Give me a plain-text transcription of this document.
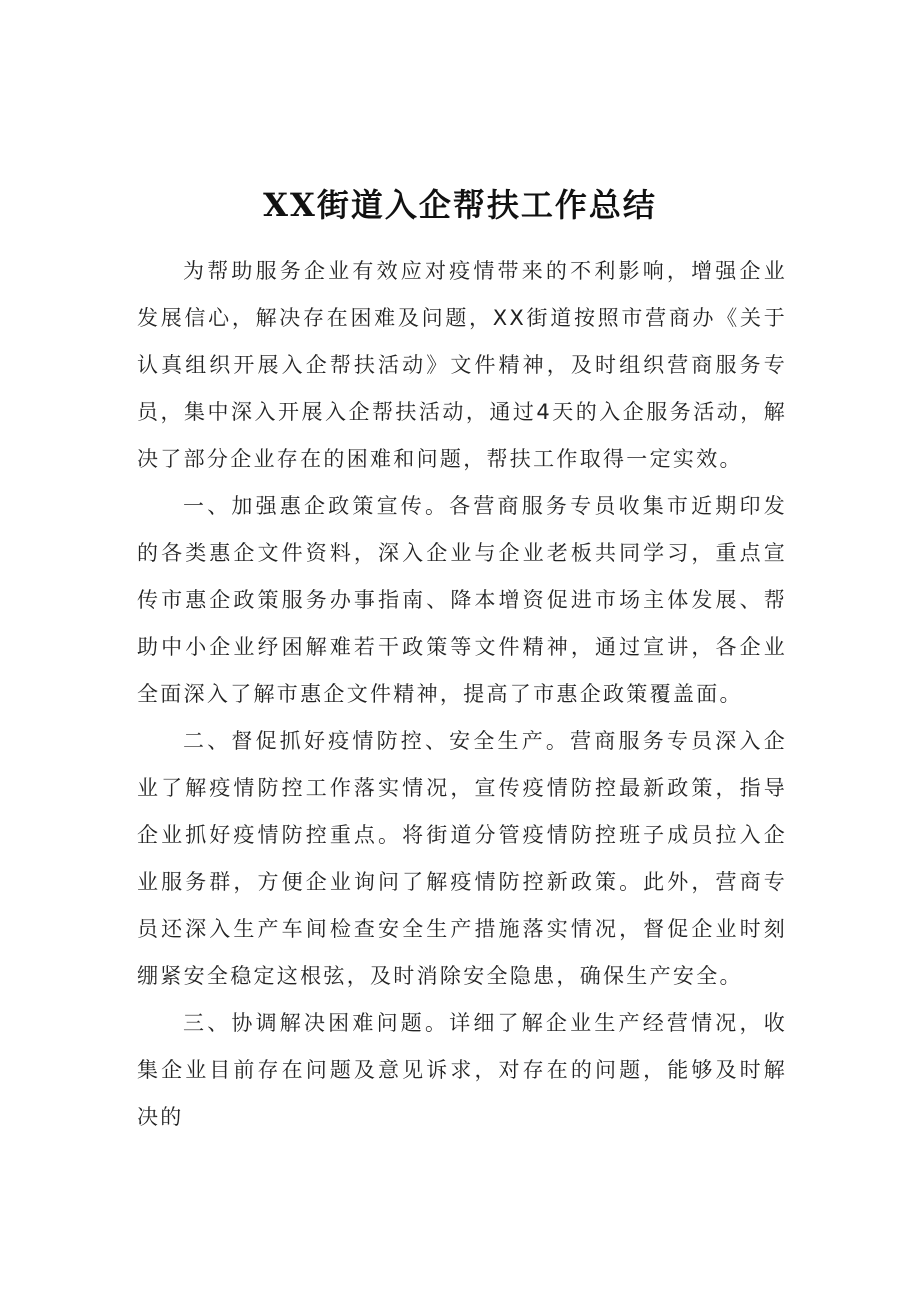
XX街道入企帮扶工作总结

为帮助服务企业有效应对疫情带来的不利影响，增强企业发展信心，解决存在困难及问题，XX街道按照市营商办《关于认真组织开展入企帮扶活动》文件精神，及时组织营商服务专员，集中深入开展入企帮扶活动，通过4天的入企服务活动，解决了部分企业存在的困难和问题，帮扶工作取得一定实效。

一、加强惠企政策宣传。各营商服务专员收集市近期印发的各类惠企文件资料，深入企业与企业老板共同学习，重点宣传市惠企政策服务办事指南、降本增资促进市场主体发展、帮助中小企业纾困解难若干政策等文件精神，通过宣讲，各企业全面深入了解市惠企文件精神，提高了市惠企政策覆盖面。

二、督促抓好疫情防控、安全生产。营商服务专员深入企业了解疫情防控工作落实情况，宣传疫情防控最新政策，指导企业抓好疫情防控重点。将街道分管疫情防控班子成员拉入企业服务群，方便企业询问了解疫情防控新政策。此外，营商专员还深入生产车间检查安全生产措施落实情况，督促企业时刻绷紧安全稳定这根弦，及时消除安全隐患，确保生产安全。

三、协调解决困难问题。详细了解企业生产经营情况，收集企业目前存在问题及意见诉求，对存在的问题，能够及时解决的
